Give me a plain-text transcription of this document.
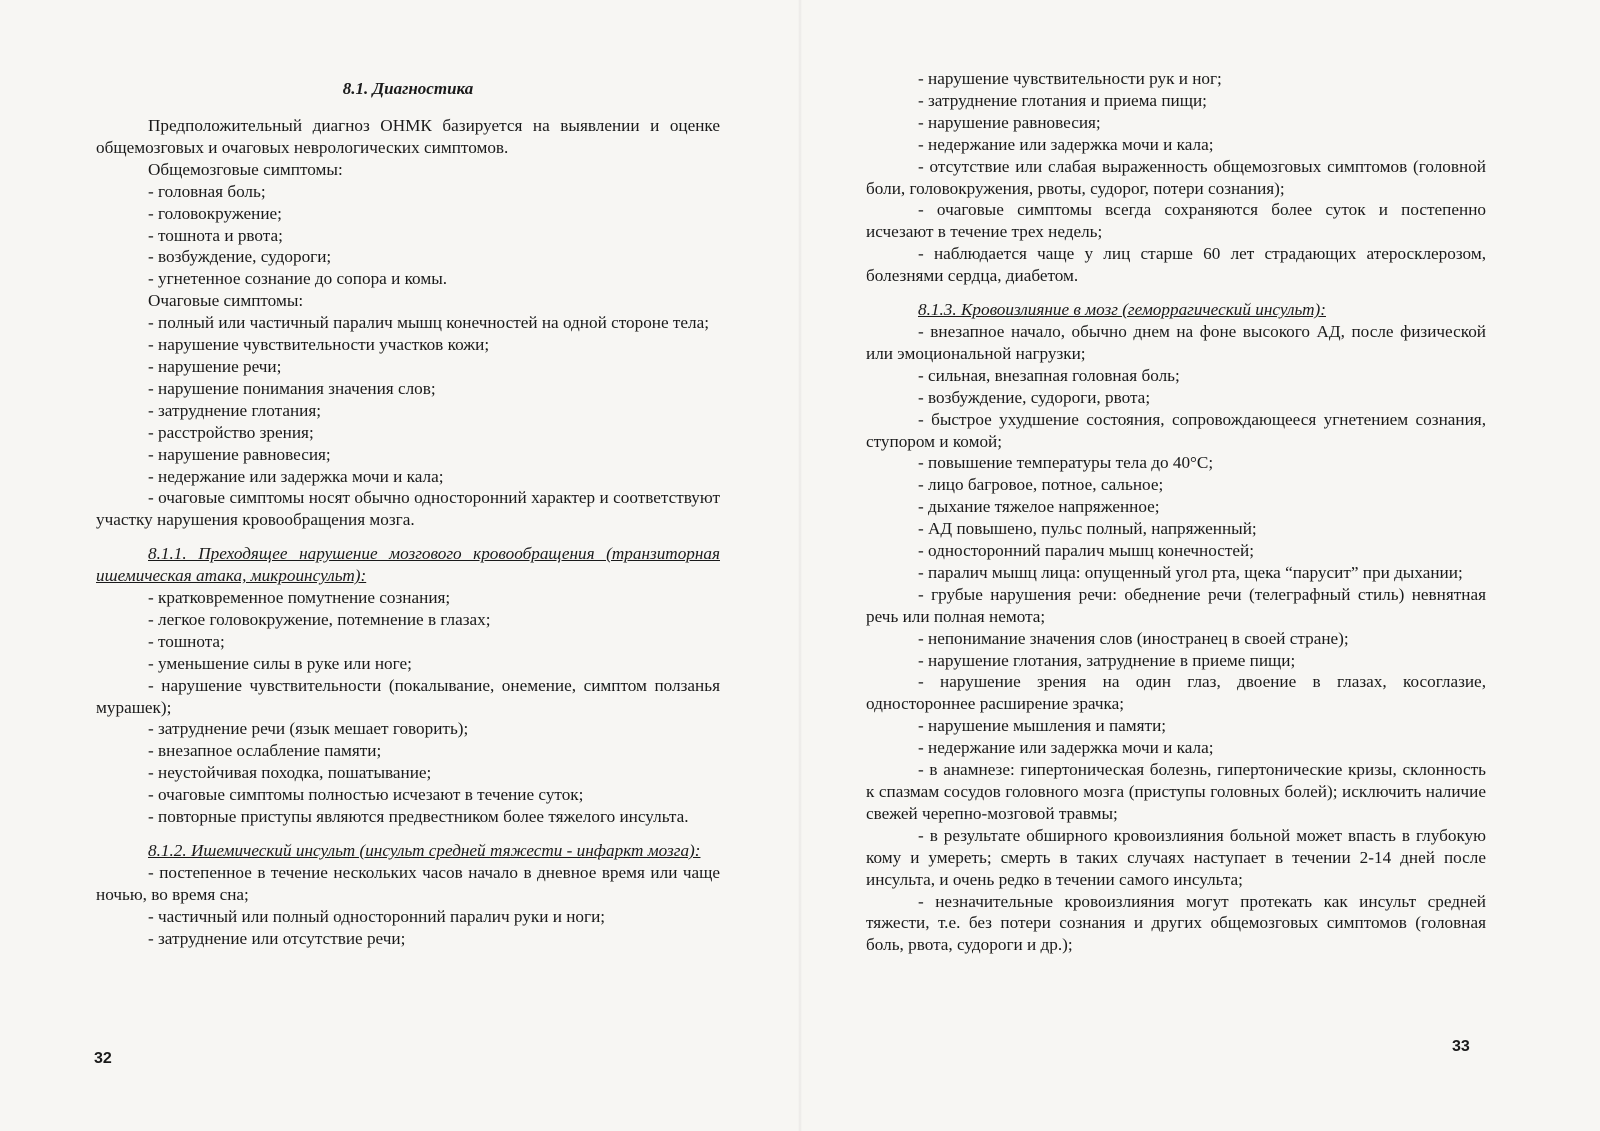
8.1. Диагностика

Предположительный диагноз ОНМК базируется на выявлении и оценке общемозговых и очаговых неврологических симптомов.

Общемозговые симптомы:

- головная боль;

- головокружение;

- тошнота и рвота;

- возбуждение, судороги;

- угнетенное сознание до сопора и комы.

Очаговые симптомы:

- полный или частичный паралич мышц конечностей на одной стороне тела;

- нарушение чувствительности участков кожи;

- нарушение речи;

- нарушение понимания значения слов;

- затруднение глотания;

- расстройство зрения;

- нарушение равновесия;

- недержание или задержка мочи и кала;

- очаговые симптомы носят обычно односторонний характер и соответствуют участку нарушения кровообращения мозга.

8.1.1. Преходящее нарушение мозгового кровообращения (транзиторная ишемическая атака, микроинсульт):

- кратковременное помутнение сознания;

- легкое головокружение, потемнение в глазах;

- тошнота;

- уменьшение силы в руке или ноге;

- нарушение чувствительности (покалывание, онемение, симптом ползанья мурашек);

- затруднение речи (язык мешает говорить);

- внезапное ослабление памяти;

- неустойчивая походка, пошатывание;

- очаговые симптомы полностью исчезают в течение суток;

- повторные приступы являются предвестником более тяжелого инсульта.

8.1.2. Ишемический инсульт (инсульт средней тяжести - инфаркт мозга):

- постепенное в течение нескольких часов начало в дневное время или чаще ночью, во время сна;

- частичный или полный односторонний паралич руки и ноги;

- затруднение или отсутствие речи;

32

- нарушение чувствительности рук и ног;

- затруднение глотания и приема пищи;

- нарушение равновесия;

- недержание или задержка мочи и кала;

- отсутствие или слабая выраженность общемозговых симптомов (головной боли, головокружения, рвоты, судорог, потери сознания);

- очаговые симптомы всегда сохраняются более суток и постепенно исчезают в течение трех недель;

- наблюдается чаще у лиц старше 60 лет страдающих атеросклерозом, болезнями сердца, диабетом.

8.1.3. Кровоизлияние в мозг (геморрагический инсульт):

- внезапное начало, обычно днем на фоне высокого АД, после физической или эмоциональной нагрузки;

- сильная, внезапная головная боль;

- возбуждение, судороги, рвота;

- быстрое ухудшение состояния, сопровождающееся угнетением сознания, ступором и комой;

- повышение температуры тела до 40°С;

- лицо багровое, потное, сальное;

- дыхание тяжелое напряженное;

- АД повышено, пульс полный, напряженный;

- односторонний паралич мышц конечностей;

- паралич мышц лица: опущенный угол рта, щека “парусит” при дыхании;

- грубые нарушения речи: обеднение речи (телеграфный стиль) невнятная речь или полная немота;

- непонимание значения слов (иностранец в своей стране);

- нарушение глотания, затруднение в приеме пищи;

- нарушение зрения на один глаз, двоение в глазах, косоглазие, одностороннее расширение зрачка;

- нарушение мышления и памяти;

- недержание или задержка мочи и кала;

- в анамнезе: гипертоническая болезнь, гипертонические кризы, склонность к спазмам сосудов головного мозга (приступы головных болей); исключить наличие свежей черепно-мозговой травмы;

- в результате обширного кровоизлияния больной может впасть в глубокую кому и умереть; смерть в таких случаях наступает в течении 2-14 дней после инсульта, и очень редко в течении самого инсульта;

- незначительные кровоизлияния могут протекать как инсульт средней тяжести, т.е. без потери сознания и других общемозговых симптомов (головная боль, рвота, судороги и др.);

33
